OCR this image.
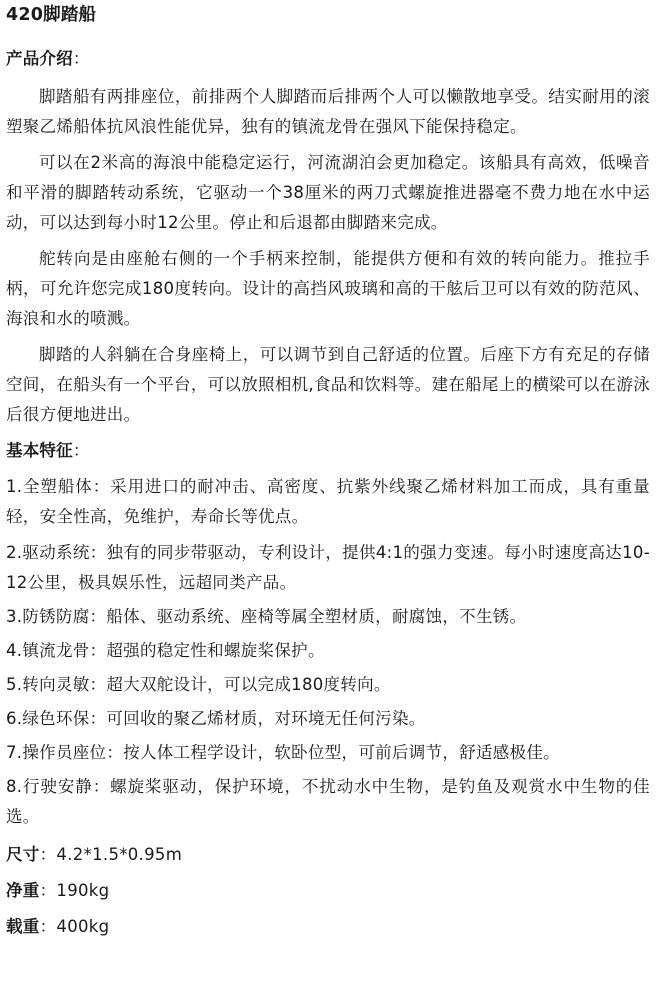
420脚踏船
产品介绍：

脚踏船有两排座位，前排两个人脚踏而后排两个人可以懒散地享受。结实耐用的滚塑聚乙烯船体抗风浪性能优异，独有的镇流龙骨在强风下能保持稳定。

可以在2米高的海浪中能稳定运行，河流湖泊会更加稳定。该船具有高效，低噪音和平滑的脚踏转动系统，它驱动一个38厘米的两刀式螺旋推进器毫不费力地在水中运动，可以达到每小时12公里。停止和后退都由脚踏来完成。

舵转向是由座舱右侧的一个手柄来控制，能提供方便和有效的转向能力。推拉手柄，可允许您完成180度转向。设计的高挡风玻璃和高的干舷后卫可以有效的防范风、海浪和水的喷溅。

脚踏的人斜躺在合身座椅上，可以调节到自己舒适的位置。后座下方有充足的存储空间，在船头有一个平台，可以放照相机,食品和饮料等。建在船尾上的横梁可以在游泳后很方便地进出。

基本特征：

1.全塑船体：采用进口的耐冲击、高密度、抗紫外线聚乙烯材料加工而成，具有重量轻，安全性高，免维护，寿命长等优点。

2.驱动系统：独有的同步带驱动，专利设计，提供4:1的强力变速。每小时速度高达10-12公里，极具娱乐性，远超同类产品。

3.防锈防腐：船体、驱动系统、座椅等属全塑材质，耐腐蚀，不生锈。

4.镇流龙骨：超强的稳定性和螺旋桨保护。

5.转向灵敏：超大双舵设计，可以完成180度转向。

6.绿色环保：可回收的聚乙烯材质，对环境无任何污染。

7.操作员座位：按人体工程学设计，软卧位型，可前后调节，舒适感极佳。

8.行驶安静：螺旋桨驱动，保护环境，不扰动水中生物，是钓鱼及观赏水中生物的佳选。

尺寸：4.2*1.5*0.95m
净重：190kg
载重：400kg
